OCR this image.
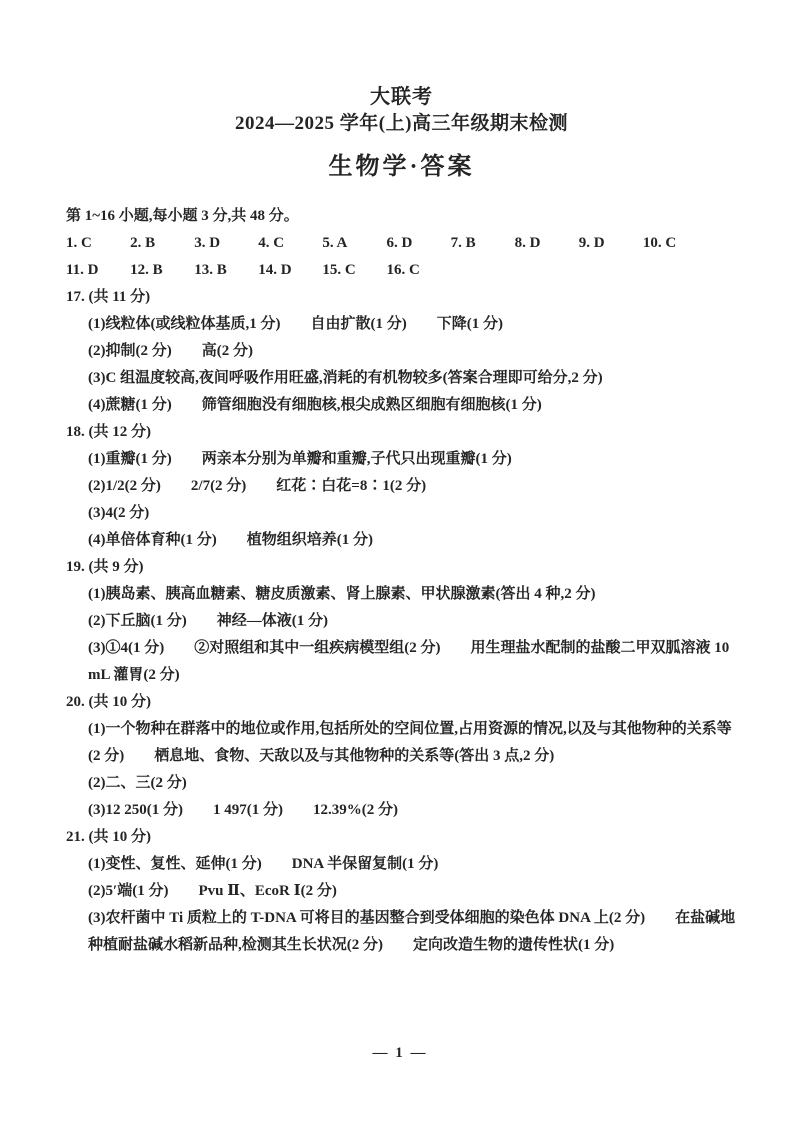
大联考
2024—2025 学年(上)高三年级期末检测
生物学·答案

第 1~16 小题,每小题 3 分,共 48 分。

1. C	2. B	3. D	4. C	5. A	6. D	7. B	8. D	9. D	10. C
11. D	12. B	13. B	14. D	15. C	16. C

17. (共 11 分)

(1)线粒体(或线粒体基质,1 分)　　自由扩散(1 分)　　下降(1 分)

(2)抑制(2 分)　　高(2 分)

(3)C 组温度较高,夜间呼吸作用旺盛,消耗的有机物较多(答案合理即可给分,2 分)

(4)蔗糖(1 分)　　筛管细胞没有细胞核,根尖成熟区细胞有细胞核(1 分)

18. (共 12 分)

(1)重瓣(1 分)　　两亲本分别为单瓣和重瓣,子代只出现重瓣(1 分)

(2)1/2(2 分)　　2/7(2 分)　　红花∶白花=8∶1(2 分)

(3)4(2 分)

(4)单倍体育种(1 分)　　植物组织培养(1 分)

19. (共 9 分)

(1)胰岛素、胰高血糖素、糖皮质激素、肾上腺素、甲状腺激素(答出 4 种,2 分)

(2)下丘脑(1 分)　　神经—体液(1 分)

(3)①4(1 分)　　②对照组和其中一组疾病模型组(2 分)　　用生理盐水配制的盐酸二甲双胍溶液 10 mL 灌胃(2 分)

20. (共 10 分)

(1)一个物种在群落中的地位或作用,包括所处的空间位置,占用资源的情况,以及与其他物种的关系等(2 分)　　栖息地、食物、天敌以及与其他物种的关系等(答出 3 点,2 分)

(2)二、三(2 分)

(3)12 250(1 分)　　1 497(1 分)　　12.39%(2 分)

21. (共 10 分)

(1)变性、复性、延伸(1 分)　　DNA 半保留复制(1 分)

(2)5′端(1 分)　　Pvu Ⅱ、EcoR Ⅰ(2 分)

(3)农杆菌中 Ti 质粒上的 T-DNA 可将目的基因整合到受体细胞的染色体 DNA 上(2 分)　　在盐碱地种植耐盐碱水稻新品种,检测其生长状况(2 分)　　定向改造生物的遗传性状(1 分)

— 1 —
